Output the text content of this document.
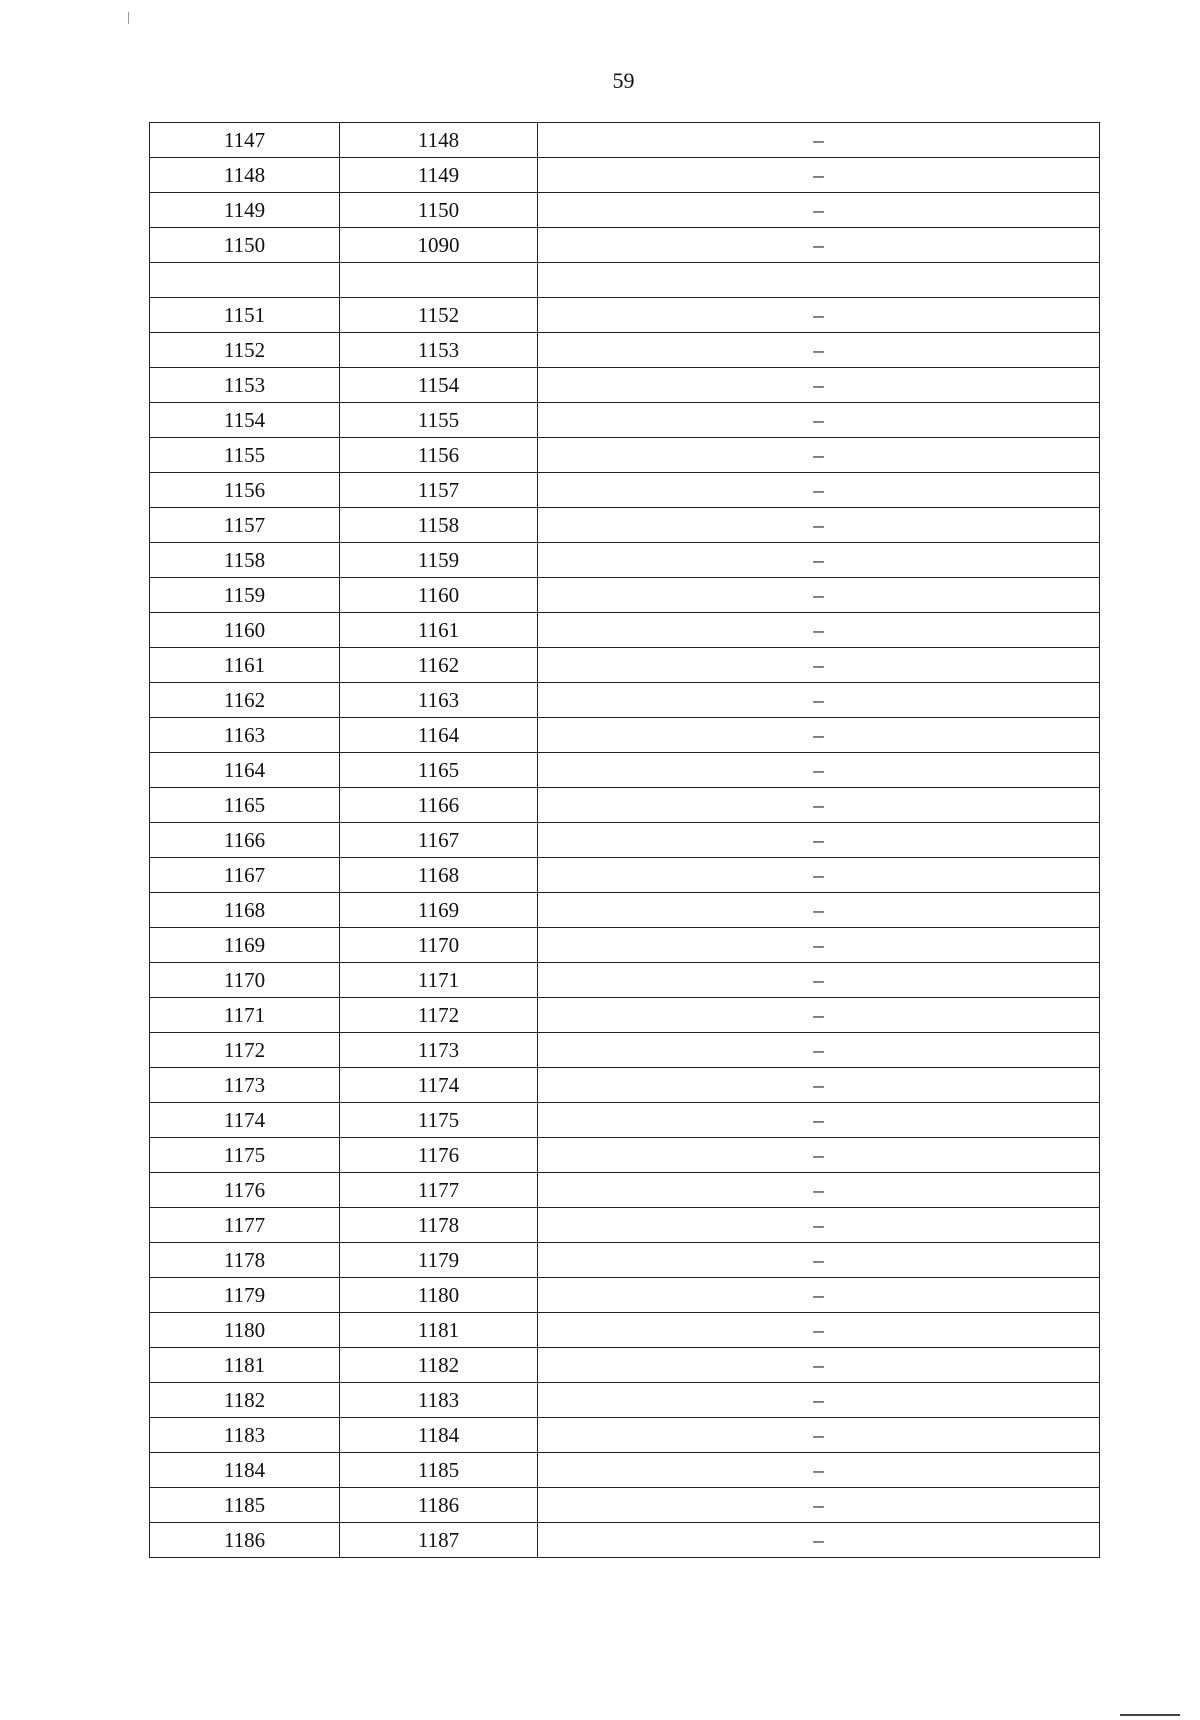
59
1147	1148	–
1148	1149	–
1149	1150	–
1150	1090	–

1151	1152	–
1152	1153	–
1153	1154	–
1154	1155	–
1155	1156	–
1156	1157	–
1157	1158	–
1158	1159	–
1159	1160	–
1160	1161	–
1161	1162	–
1162	1163	–
1163	1164	–
1164	1165	–
1165	1166	–
1166	1167	–
1167	1168	–
1168	1169	–
1169	1170	–
1170	1171	–
1171	1172	–
1172	1173	–
1173	1174	–
1174	1175	–
1175	1176	–
1176	1177	–
1177	1178	–
1178	1179	–
1179	1180	–
1180	1181	–
1181	1182	–
1182	1183	–
1183	1184	–
1184	1185	–
1185	1186	–
1186	1187	–
